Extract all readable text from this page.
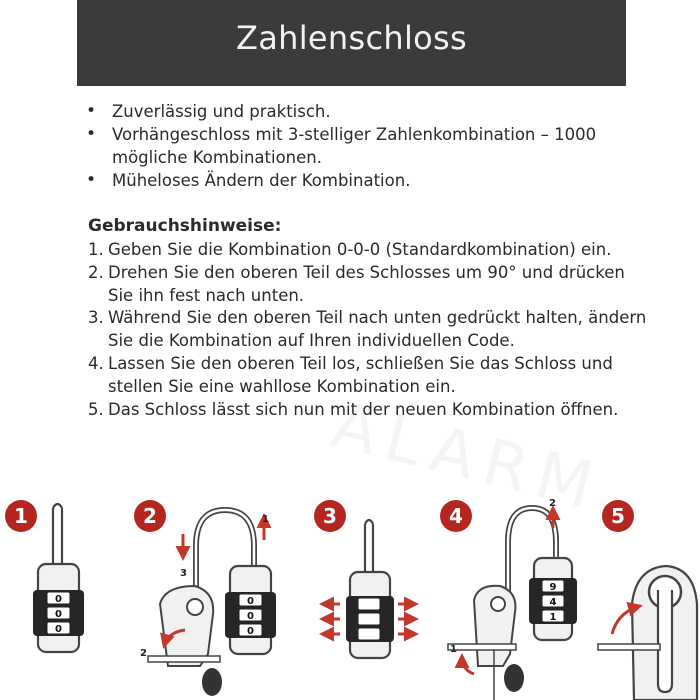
Zahlenschloss
• Zuverlässig und praktisch.
• Vorhängeschloss mit 3-stelliger Zahlenkombination – 1000 mögliche Kombinationen.
• Müheloses Ändern der Kombination.
Gebrauchshinweise:
1. Geben Sie die Kombination 0-0-0 (Standardkombination) ein.
2. Drehen Sie den oberen Teil des Schlosses um 90° und drücken Sie ihn fest nach unten.
3. Während Sie den oberen Teil nach unten gedrückt halten, ändern Sie die Kombination auf Ihren individuellen Code.
4. Lassen Sie den oberen Teil los, schließen Sie das Schloss und stellen Sie eine wahllose Kombination ein.
5. Das Schloss lässt sich nun mit der neuen Kombination öffnen.
1
0
0
0
2
0
0
0
1
3
2
3	4
9
4
1
2
1
5
